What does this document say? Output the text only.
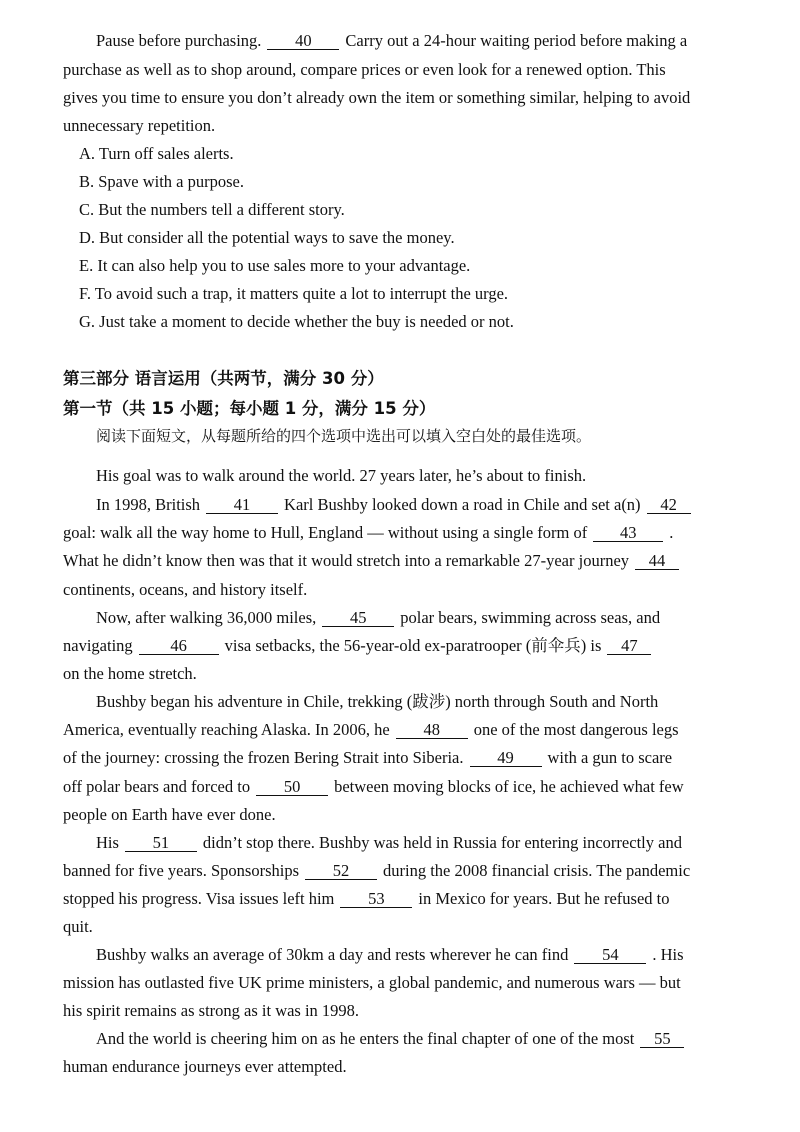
Pause before purchasing. 40 Carry out a 24-hour waiting period before making a
purchase as well as to shop around, compare prices or even look for a renewed option. This
gives you time to ensure you don’t already own the item or something similar, helping to avoid
unnecessary repetition.
A. Turn off sales alerts.
B. Spave with a purpose.
C. But the numbers tell a different story.
D. But consider all the potential ways to save the money.
E. It can also help you to use sales more to your advantage.
F. To avoid such a trap, it matters quite a lot to interrupt the urge.
G. Just take a moment to decide whether the buy is needed or not.
第三部分 语言运用（共两节，满分 30 分）
第一节（共 15 小题；每小题 1 分，满分 15 分）
阅读下面短文，从每题所给的四个选项中选出可以填入空白处的最佳选项。
His goal was to walk around the world. 27 years later, he’s about to finish.
In 1998, British 41 Karl Bushby looked down a road in Chile and set a(n) 42
goal: walk all the way home to Hull, England — without using a single form of 43 .
What he didn’t know then was that it would stretch into a remarkable 27-year journey 44
continents, oceans, and history itself.
Now, after walking 36,000 miles, 45 polar bears, swimming across seas, and
navigating 46 visa setbacks, the 56-year-old ex-paratrooper (前伞兵) is 47
on the home stretch.
Bushby began his adventure in Chile, trekking (跋涉) north through South and North
America, eventually reaching Alaska. In 2006, he 48 one of the most dangerous legs
of the journey: crossing the frozen Bering Strait into Siberia. 49 with a gun to scare
off polar bears and forced to 50 between moving blocks of ice, he achieved what few
people on Earth have ever done.
His 51 didn’t stop there. Bushby was held in Russia for entering incorrectly and
banned for five years. Sponsorships 52 during the 2008 financial crisis. The pandemic
stopped his progress. Visa issues left him 53 in Mexico for years. But he refused to
quit.
Bushby walks an average of 30km a day and rests wherever he can find 54 . His
mission has outlasted five UK prime ministers, a global pandemic, and numerous wars — but
his spirit remains as strong as it was in 1998.
And the world is cheering him on as he enters the final chapter of one of the most 55
human endurance journeys ever attempted.
